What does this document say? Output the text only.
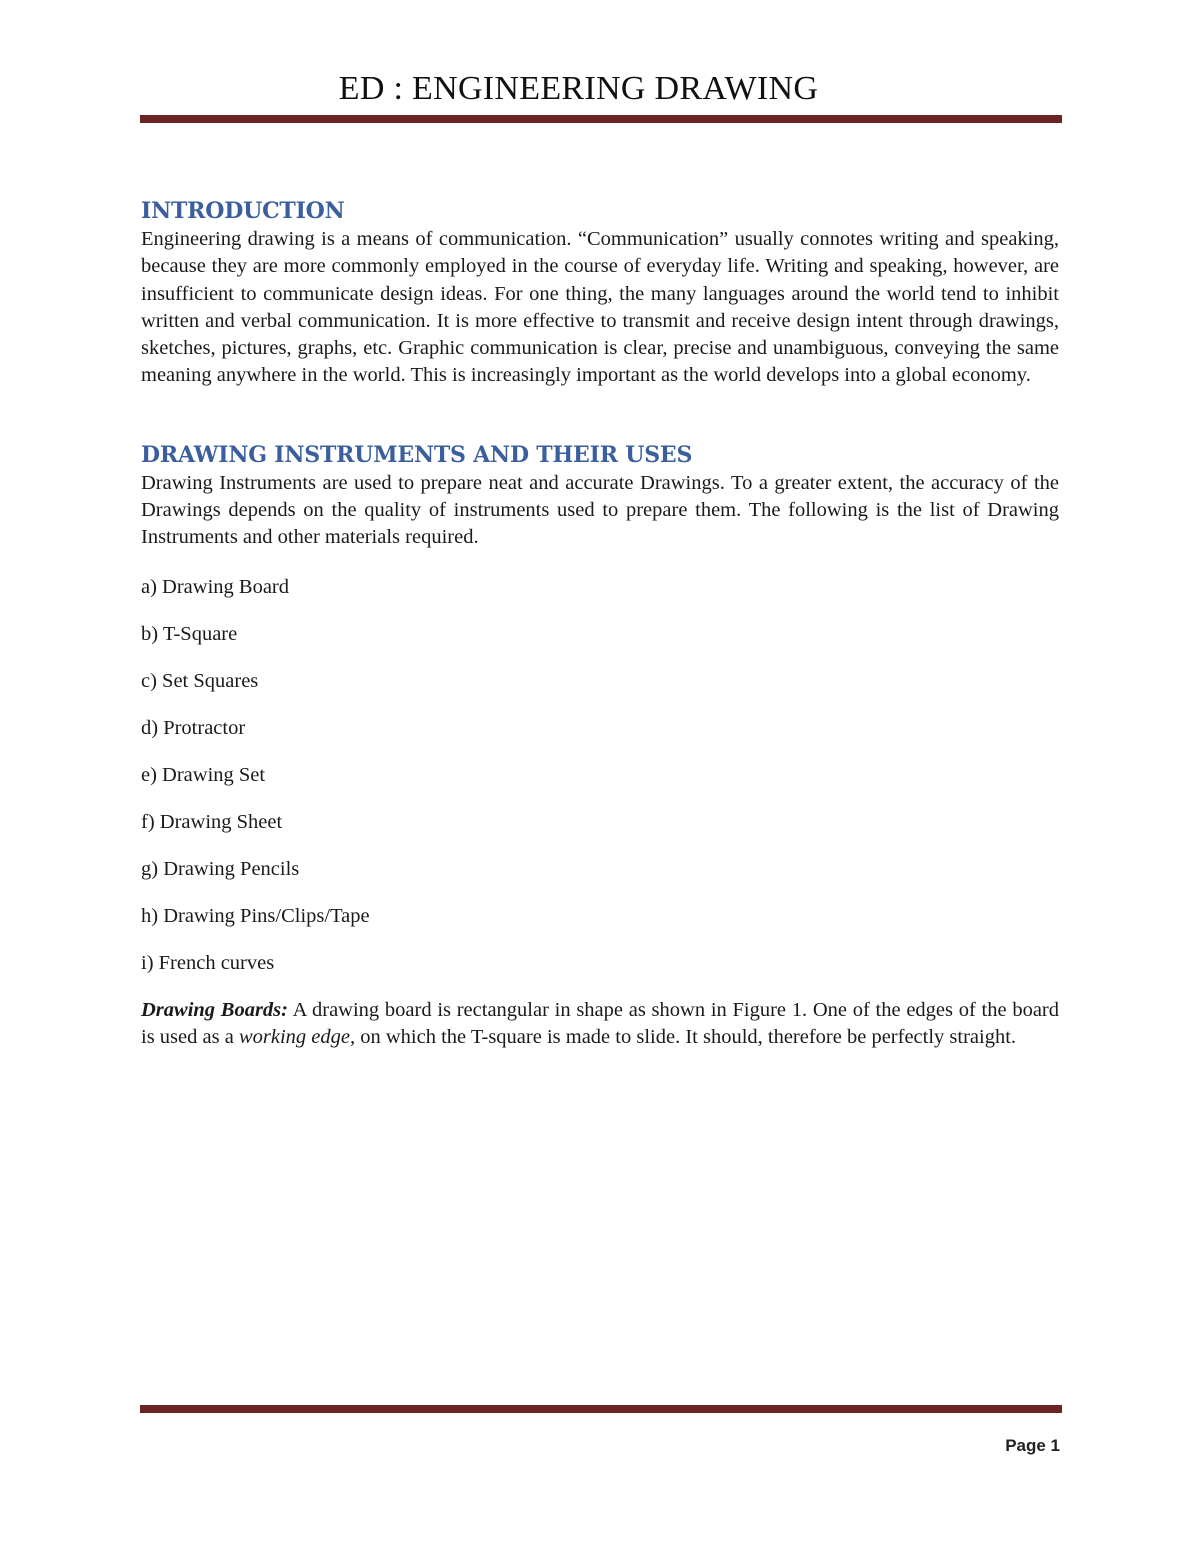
ED : ENGINEERING DRAWING
INTRODUCTION

Engineering drawing is a means of communication. “Communication” usually connotes writing and speaking, because they are more commonly employed in the course of everyday life. Writing and speaking, however, are insufficient to communicate design ideas. For one thing, the many languages around the world tend to inhibit written and verbal communication. It is more effective to transmit and receive design intent through drawings, sketches, pictures, graphs, etc. Graphic communication is clear, precise and unambiguous, conveying the same meaning anywhere in the world. This is increasingly important as the world develops into a global economy.

DRAWING INSTRUMENTS AND THEIR USES

Drawing Instruments are used to prepare neat and accurate Drawings. To a greater extent, the accuracy of the Drawings depends on the quality of instruments used to prepare them. The following is the list of Drawing Instruments and other materials required.

a) Drawing Board
b) T-Square
c) Set Squares
d) Protractor
e) Drawing Set
f) Drawing Sheet
g) Drawing Pencils
h) Drawing Pins/Clips/Tape
i) French curves

Drawing Boards: A drawing board is rectangular in shape as shown in Figure 1. One of the edges of the board is used as a working edge, on which the T-square is made to slide. It should, therefore be perfectly straight.

Page 1
